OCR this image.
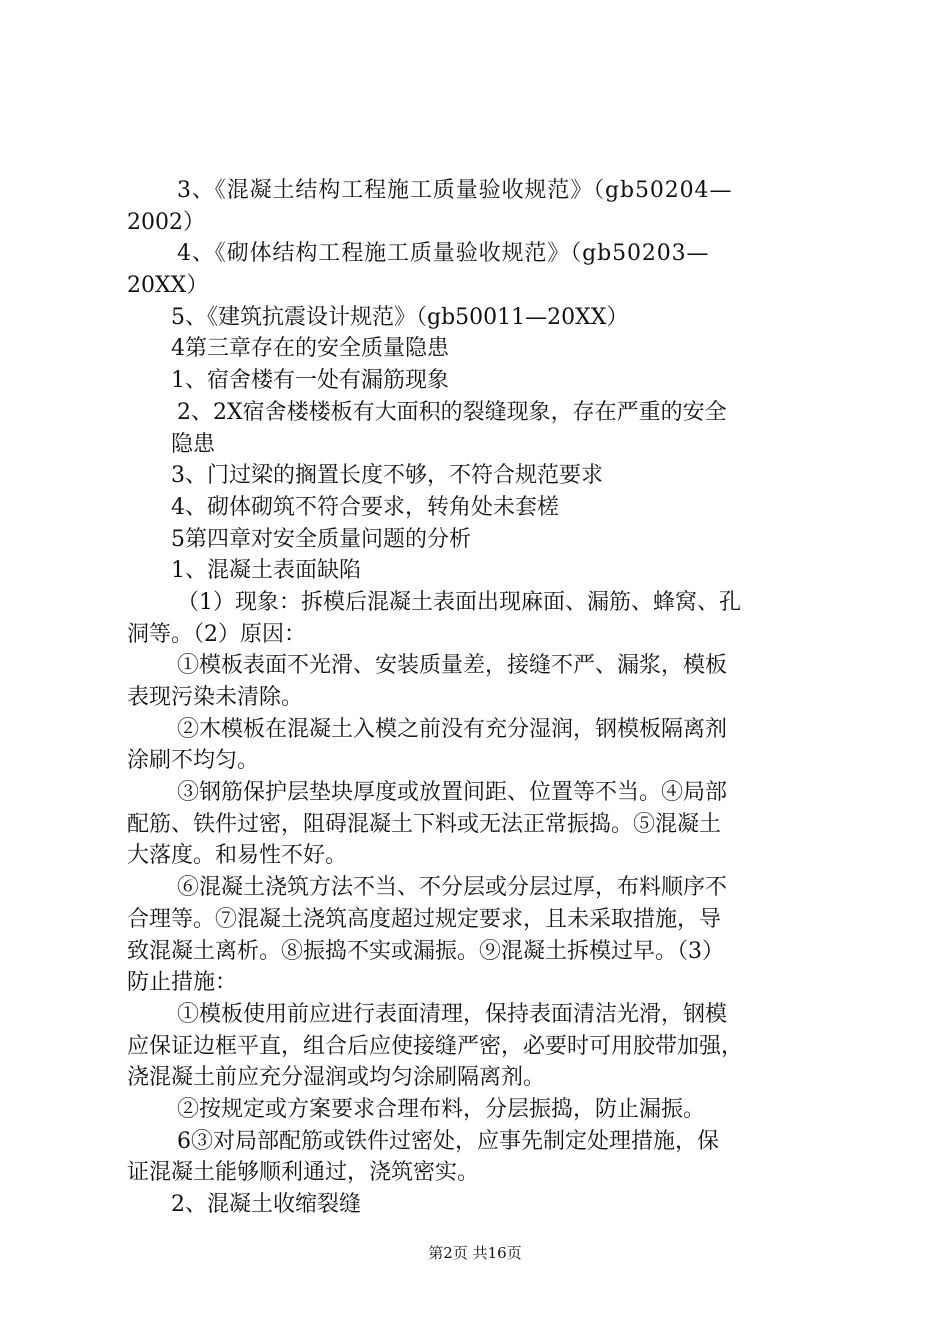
3、《混凝土结构工程施工质量验收规范》（gb50204—
2002）
4、《砌体结构工程施工质量验收规范》（gb50203—
20XX）
5、《建筑抗震设计规范》（gb50011—20XX）
4第三章存在的安全质量隐患
1、宿舍楼有一处有漏筋现象
2、2X宿舍楼楼板有大面积的裂缝现象，存在严重的安全
隐患
3、门过梁的搁置长度不够，不符合规范要求
4、砌体砌筑不符合要求，转角处未套槎
5第四章对安全质量问题的分析
1、混凝土表面缺陷
（1）现象：拆模后混凝土表面出现麻面、漏筋、蜂窝、孔
洞等。（2）原因：
①模板表面不光滑、安装质量差，接缝不严、漏浆，模板
表现污染未清除。
②木模板在混凝土入模之前没有充分湿润，钢模板隔离剂
涂刷不均匀。
③钢筋保护层垫块厚度或放置间距、位置等不当。④局部
配筋、铁件过密，阻碍混凝土下料或无法正常振捣。⑤混凝土
大落度。和易性不好。
⑥混凝土浇筑方法不当、不分层或分层过厚，布料顺序不
合理等。⑦混凝土浇筑高度超过规定要求，且未采取措施，导
致混凝土离析。⑧振捣不实或漏振。⑨混凝土拆模过早。（3）
防止措施：
①模板使用前应进行表面清理，保持表面清洁光滑，钢模
应保证边框平直，组合后应使接缝严密，必要时可用胶带加强，
浇混凝土前应充分湿润或均匀涂刷隔离剂。
②按规定或方案要求合理布料，分层振捣，防止漏振。
6③对局部配筋或铁件过密处，应事先制定处理措施，保
证混凝土能够顺利通过，浇筑密实。
2、混凝土收缩裂缝
第2页 共16页
